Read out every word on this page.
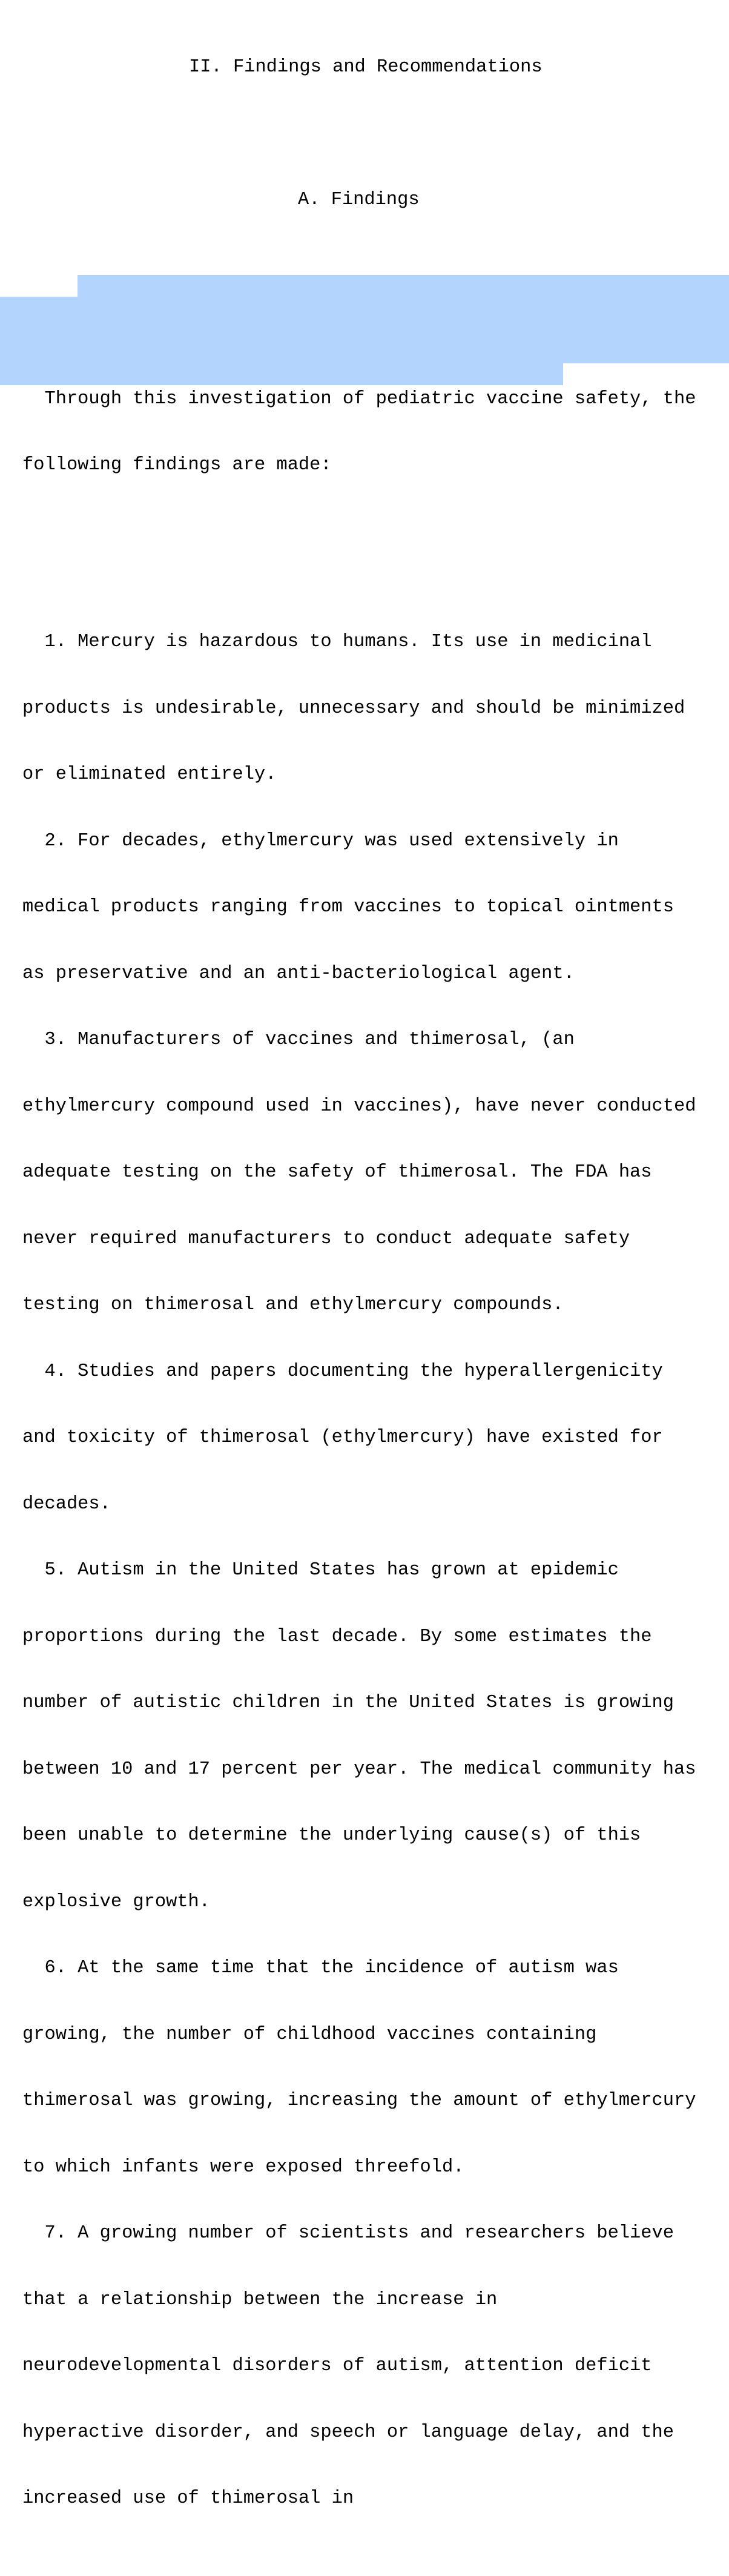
II. Findings and Recommendations

A. Findings

Through this investigation of pediatric vaccine safety, the

following findings are made:

1. Mercury is hazardous to humans. Its use in medicinal

products is undesirable, unnecessary and should be minimized

or eliminated entirely.

2. For decades, ethylmercury was used extensively in

medical products ranging from vaccines to topical ointments

as preservative and an anti-bacteriological agent.

3. Manufacturers of vaccines and thimerosal, (an

ethylmercury compound used in vaccines), have never conducted

adequate testing on the safety of thimerosal. The FDA has

never required manufacturers to conduct adequate safety

testing on thimerosal and ethylmercury compounds.

4. Studies and papers documenting the hyperallergenicity

and toxicity of thimerosal (ethylmercury) have existed for

decades.

5. Autism in the United States has grown at epidemic

proportions during the last decade. By some estimates the

number of autistic children in the United States is growing

between 10 and 17 percent per year. The medical community has

been unable to determine the underlying cause(s) of this

explosive growth.

6. At the same time that the incidence of autism was

growing, the number of childhood vaccines containing

thimerosal was growing, increasing the amount of ethylmercury

to which infants were exposed threefold.

7. A growing number of scientists and researchers believe

that a relationship between the increase in

neurodevelopmental disorders of autism, attention deficit

hyperactive disorder, and speech or language delay, and the

increased use of thimerosal in
